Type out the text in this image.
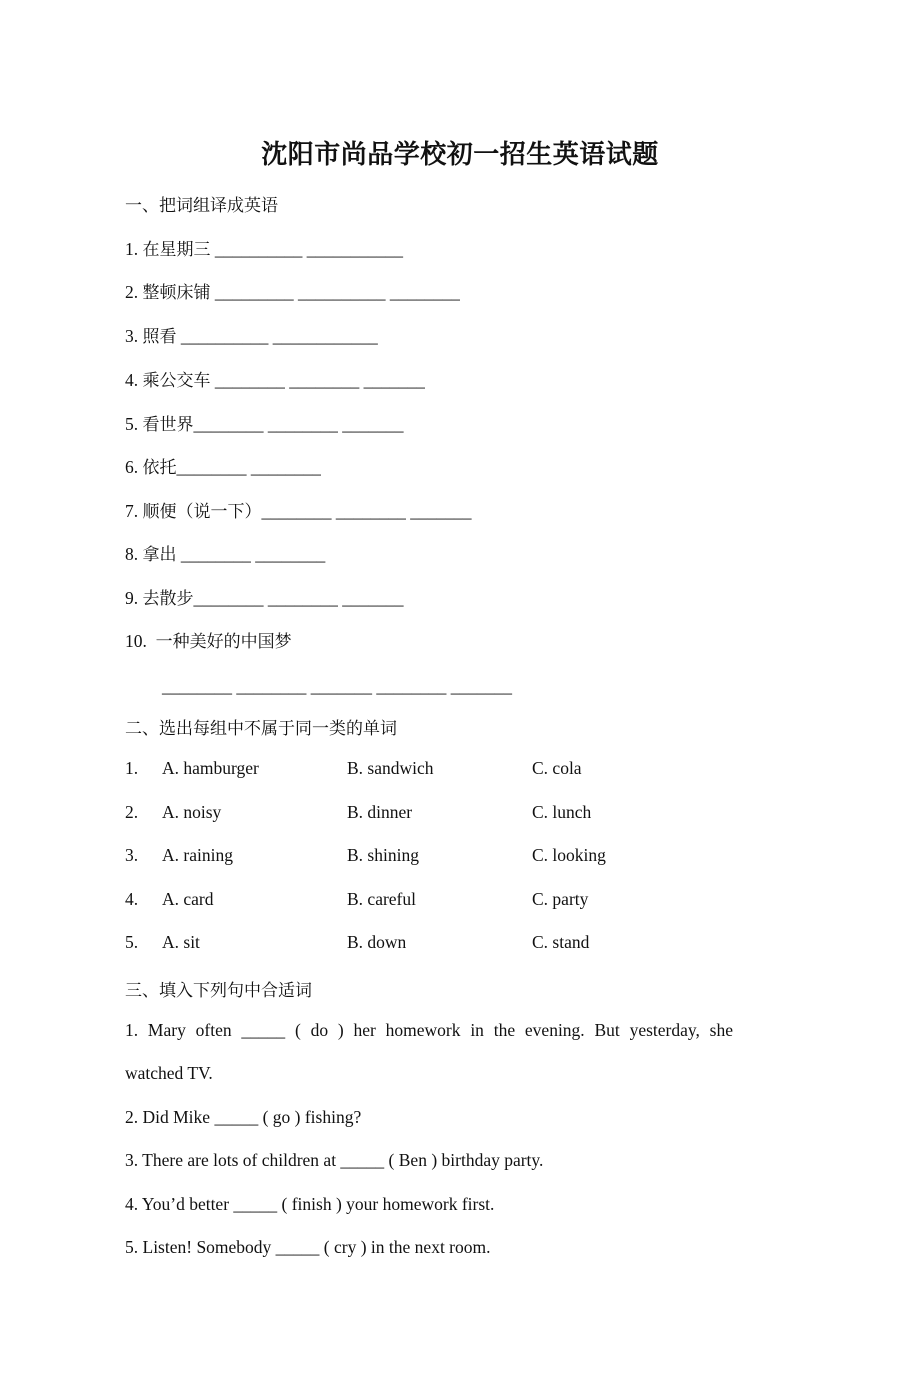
沈阳市尚品学校初一招生英语试题
一、把词组译成英语
1. 在星期三 __________ ___________
2. 整顿床铺 _________ __________ ________
3. 照看 __________ ____________
4. 乘公交车 ________ ________ _______
5. 看世界________ ________ _______
6. 依托________ ________
7. 顺便（说一下）________ ________ _______
8. 拿出 ________ ________
9. 去散步________ ________ _______
10. 一种美好的中国梦
________ ________ _______ ________ _______
二、选出每组中不属于同一类的单词
1. A. hamburger	B. sandwich	C. cola
2. A. noisy	B. dinner	C. lunch
3. A. raining	B. shining	C. looking
4. A. card	B. careful	C. party
5. A. sit	B. down	C. stand
三、填入下列句中合适词
1. Mary often _____ ( do ) her homework in the evening. But yesterday, she
watched TV.
2. Did Mike _____ ( go ) fishing?
3. There are lots of children at _____ ( Ben ) birthday party.
4. You’d better _____ ( finish ) your homework first.
5. Listen! Somebody _____ ( cry ) in the next room.
